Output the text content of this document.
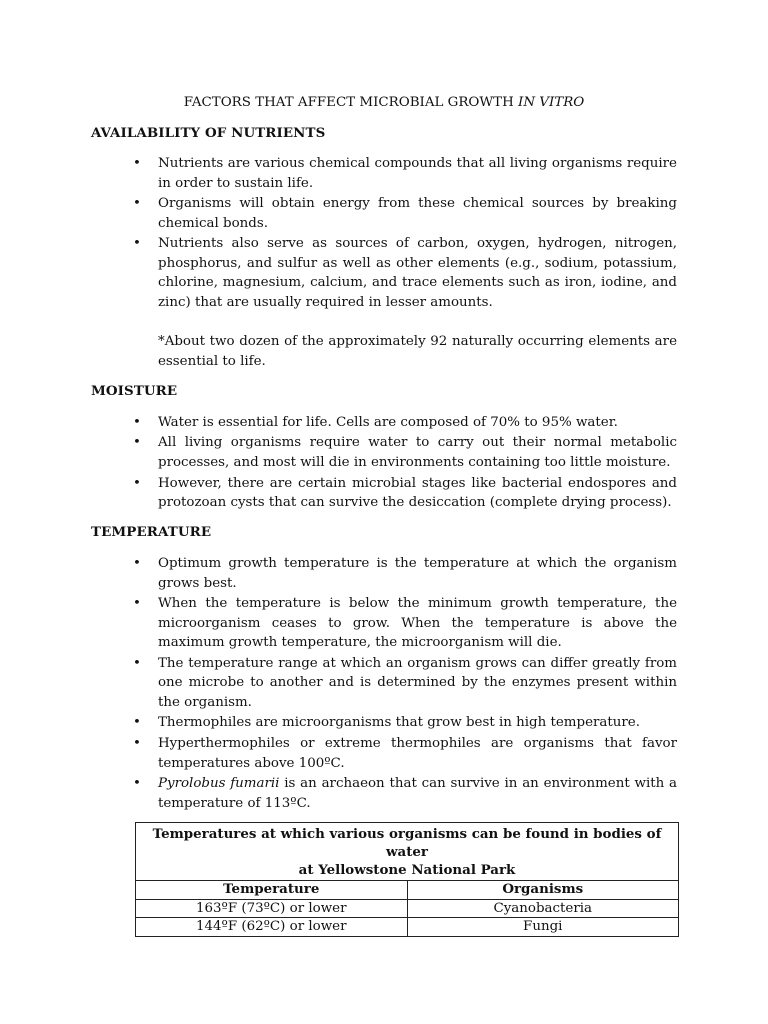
FACTORS THAT AFFECT MICROBIAL GROWTH IN VITRO
AVAILABILITY OF NUTRIENTS
• Nutrients are various chemical compounds that all living organisms require in order to sustain life.
• Organisms will obtain energy from these chemical sources by breaking chemical bonds.
• Nutrients also serve as sources of carbon, oxygen, hydrogen, nitrogen, phosphorus, and sulfur as well as other elements (e.g., sodium, potassium, chlorine, magnesium, calcium, and trace elements such as iron, iodine, and zinc) that are usually required in lesser amounts.

*About two dozen of the approximately 92 naturally occurring elements are essential to life.

MOISTURE
• Water is essential for life. Cells are composed of 70% to 95% water.
• All living organisms require water to carry out their normal metabolic processes, and most will die in environments containing too little moisture.
• However, there are certain microbial stages like bacterial endospores and protozoan cysts that can survive the desiccation (complete drying process).
TEMPERATURE
• Optimum growth temperature is the temperature at which the organism grows best.
• When the temperature is below the minimum growth temperature, the microorganism ceases to grow. When the temperature is above the maximum growth temperature, the microorganism will die.
• The temperature range at which an organism grows can differ greatly from one microbe to another and is determined by the enzymes present within the organism.
• Thermophiles are microorganisms that grow best in high temperature.
• Hyperthermophiles or extreme thermophiles are organisms that favor temperatures above 100ºC.
• Pyrolobus fumarii is an archaeon that can survive in an environment with a temperature of 113ºC.
Temperatures at which various organisms can be found in bodies of water
at Yellowstone National Park	
Temperature	Organisms
163ºF (73ºC) or lower	Cyanobacteria
144ºF (62ºC) or lower	Fungi
